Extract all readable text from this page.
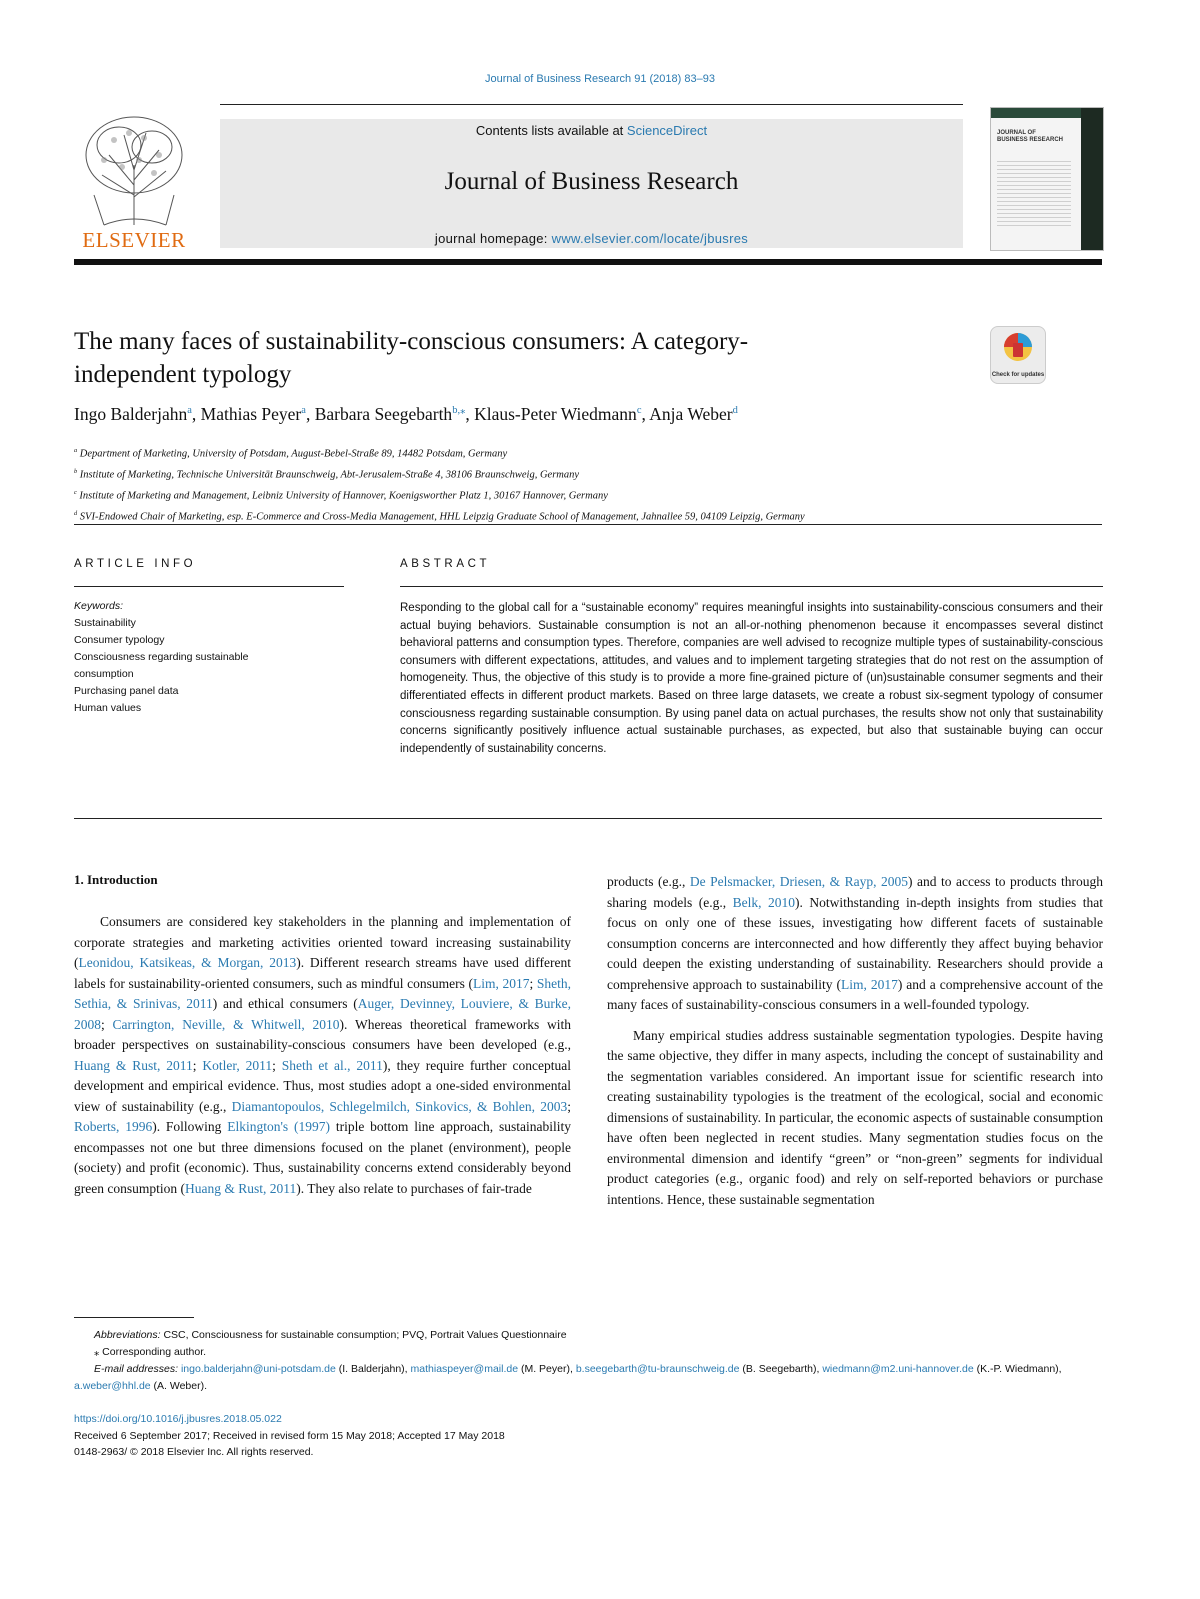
Journal of Business Research 91 (2018) 83–93
Contents lists available at ScienceDirect
Journal of Business Research
journal homepage: www.elsevier.com/locate/jbusres
ELSEVIER
JOURNAL OF BUSINESS RESEARCH
The many faces of sustainability-conscious consumers: A category-
independent typology	Check for updates
Ingo Balderjahn$^a$, Mathias Peyer$^a$, Barbara Seegebarth$^{b,⁎}$, Klaus-Peter Wiedmann$^c$, Anja Weber$^d$
$^a$ Department of Marketing, University of Potsdam, August-Bebel-Straße 89, 14482 Potsdam, Germany
$^b$ Institute of Marketing, Technische Universität Braunschweig, Abt-Jerusalem-Straße 4, 38106 Braunschweig, Germany
$^c$ Institute of Marketing and Management, Leibniz University of Hannover, Koenigsworther Platz 1, 30167 Hannover, Germany
$^d$ SVI-Endowed Chair of Marketing, esp. E-Commerce and Cross-Media Management, HHL Leipzig Graduate School of Management, Jahnallee 59, 04109 Leipzig, Germany
ARTICLE INFO	ABSTRACT
Keywords:
Sustainability
Consumer typology
Consciousness regarding sustainable
consumption
Purchasing panel data
Human values
Responding to the global call for a “sustainable economy” requires meaningful insights into sustainability-conscious consumers and their actual buying behaviors. Sustainable consumption is not an all-or-nothing phenomenon because it encompasses several distinct behavioral patterns and consumption types. Therefore, companies are well advised to recognize multiple types of sustainability-conscious consumers with different expectations, attitudes, and values and to implement targeting strategies that do not rest on the assumption of homogeneity. Thus, the objective of this study is to provide a more fine-grained picture of (un)sustainable consumer segments and their differentiated effects in different product markets. Based on three large datasets, we create a robust six-segment typology of consumer consciousness regarding sustainable consumption. By using panel data on actual purchases, the results show not only that sustainability concerns significantly positively influence actual sustainable purchases, as expected, but also that sustainable buying can occur independently of sustainability concerns.
1. Introduction

Consumers are considered key stakeholders in the planning and implementation of corporate strategies and marketing activities oriented toward increasing sustainability (Leonidou, Katsikeas, & Morgan, 2013). Different research streams have used different labels for sustainability-oriented consumers, such as mindful consumers (Lim, 2017; Sheth, Sethia, & Srinivas, 2011) and ethical consumers (Auger, Devinney, Louviere, & Burke, 2008; Carrington, Neville, & Whitwell, 2010). Whereas theoretical frameworks with broader perspectives on sustainability-conscious consumers have been developed (e.g., Huang & Rust, 2011; Kotler, 2011; Sheth et al., 2011), they require further conceptual development and empirical evidence. Thus, most studies adopt a one-sided environmental view of sustainability (e.g., Diamantopoulos, Schlegelmilch, Sinkovics, & Bohlen, 2003; Roberts, 1996). Following Elkington's (1997) triple bottom line approach, sustainability encompasses not one but three dimensions focused on the planet (environment), people (society) and profit (economic). Thus, sustainability concerns extend considerably beyond green consumption (Huang & Rust, 2011). They also relate to purchases of fair-trade

products (e.g., De Pelsmacker, Driesen, & Rayp, 2005) and to access to products through sharing models (e.g., Belk, 2010). Notwithstanding in-depth insights from studies that focus on only one of these issues, investigating how different facets of sustainable consumption concerns are interconnected and how differently they affect buying behavior could deepen the existing understanding of sustainability. Researchers should provide a comprehensive approach to sustainability (Lim, 2017) and a comprehensive account of the many faces of sustainability-conscious consumers in a well-founded typology.

Many empirical studies address sustainable segmentation typologies. Despite having the same objective, they differ in many aspects, including the concept of sustainability and the segmentation variables considered. An important issue for scientific research into creating sustainability typologies is the treatment of the ecological, social and economic dimensions of sustainability. In particular, the economic aspects of sustainable consumption have often been neglected in recent studies. Many segmentation studies focus on the environmental dimension and identify “green” or “non-green” segments for individual product categories (e.g., organic food) and rely on self-reported behaviors or purchase intentions. Hence, these sustainable segmentation

Abbreviations: CSC, Consciousness for sustainable consumption; PVQ, Portrait Values Questionnaire
⁎ Corresponding author.
E-mail addresses: ingo.balderjahn@uni-potsdam.de (I. Balderjahn), mathiaspeyer@mail.de (M. Peyer), b.seegebarth@tu-braunschweig.de (B. Seegebarth), wiedmann@m2.uni-hannover.de (K.-P. Wiedmann), a.weber@hhl.de (A. Weber).
https://doi.org/10.1016/j.jbusres.2018.05.022
Received 6 September 2017; Received in revised form 15 May 2018; Accepted 17 May 2018
0148-2963/ © 2018 Elsevier Inc. All rights reserved.
